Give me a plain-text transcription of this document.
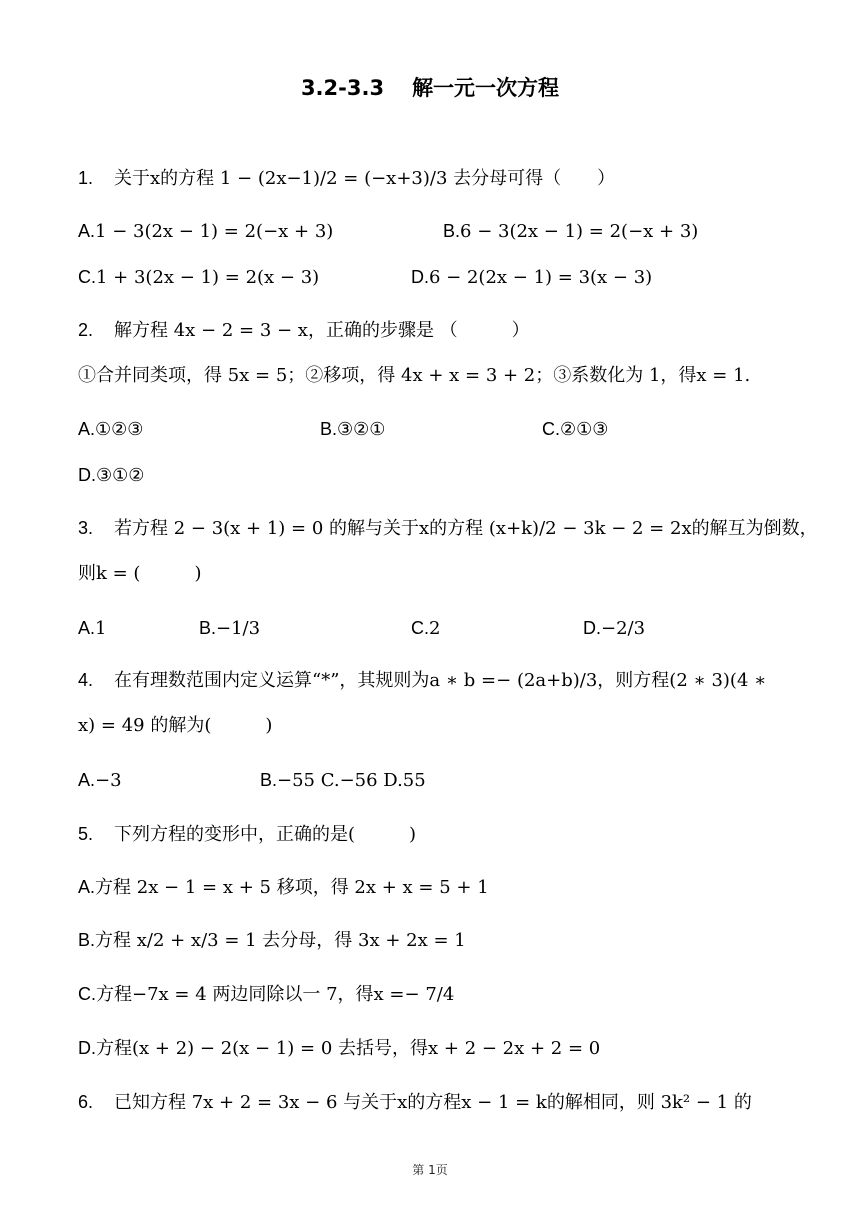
3.2-3.3 解一元一次方程
1. 关于x的方程 1 − (2x−1)/2 = (−x+3)/3 去分母可得（　　）
A.1 − 3(2x − 1) = 2(−x + 3)	B.6 − 3(2x − 1) = 2(−x + 3)
C.1 + 3(2x − 1) = 2(x − 3)	D.6 − 2(2x − 1) = 3(x − 3)
2. 解方程 4x − 2 = 3 − x，正确的步骤是 （　　　）
①合并同类项，得 5x = 5；②移项，得 4x + x = 3 + 2；③系数化为 1，得x = 1.
A.①②③	B.③②①	C.②①③
D.③①②
3. 若方程 2 − 3(x + 1) = 0 的解与关于x的方程 (x+k)/2 − 3k − 2 = 2x的解互为倒数，
则k = (　　　)
A.1	B.−1/3	C.2	D.−2/3
4. 在有理数范围内定义运算“*”，其规则为a ∗ b =− (2a+b)/3，则方程(2 ∗ 3)(4 ∗
x) = 49 的解为(　　　)
A.−3	B.−55 C.−56 D.55
5. 下列方程的变形中，正确的是(　　　)
A.方程 2x − 1 = x + 5 移项，得 2x + x = 5 + 1
B.方程 x/2 + x/3 = 1 去分母，得 3x + 2x = 1
C.方程−7x = 4 两边同除以一 7，得x =− 7/4
D.方程(x + 2) − 2(x − 1) = 0 去括号，得x + 2 − 2x + 2 = 0
6. 已知方程 7x + 2 = 3x − 6 与关于x的方程x − 1 = k的解相同，则 3k² − 1 的
第 1页
